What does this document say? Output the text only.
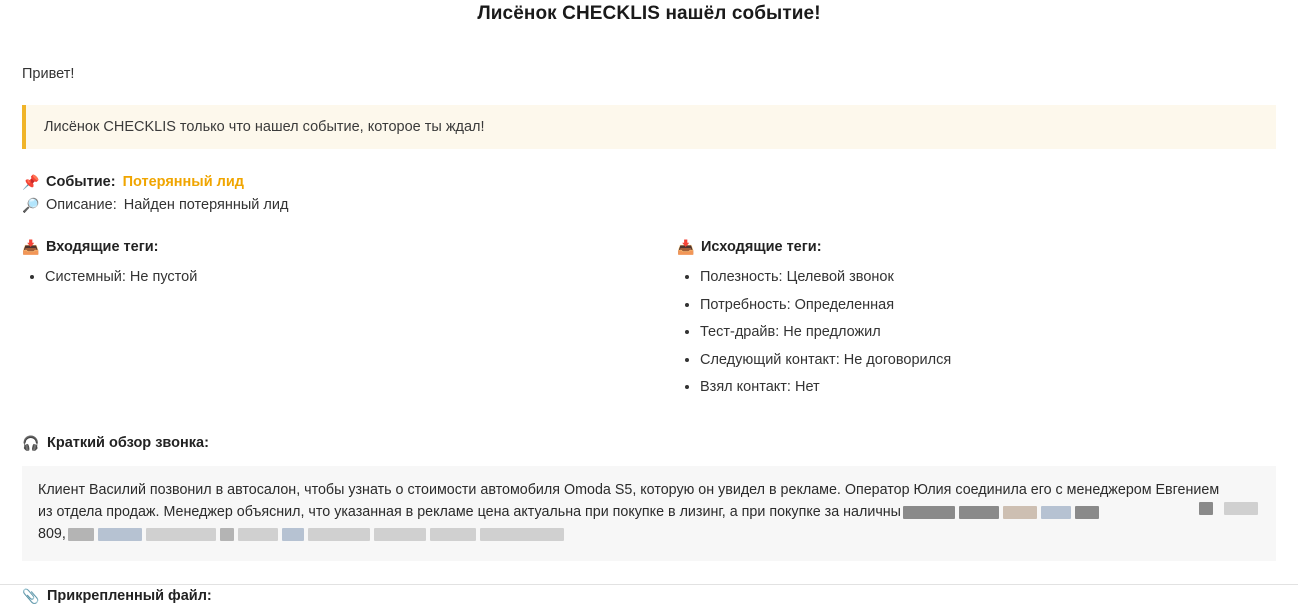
Лисёнок CHECKLIS нашёл событие!
Привет!
Лисёнок CHECKLIS только что нашел событие, которое ты ждал!
📌 Событие: Потерянный лид
🔎 Описание: Найден потерянный лид
📥 Входящие теги:
• Системный: Не пустой
📥 Исходящие теги:
• Полезность: Целевой звонок
• Потребность: Определенная
• Тест-драйв: Не предложил
• Следующий контакт: Не договорился
• Взял контакт: Нет
🎧 Краткий обзор звонка:
Клиент Василий позвонил в автосалон, чтобы узнать о стоимости автомобиля Omoda S5, которую он увидел в рекламе. Оператор Юлия соединила его с менеджером Евгением
из отдела продаж. Менеджер объяснил, что указанная в рекламе цена актуальна при покупке в лизинг, а при покупке за наличны
809,
📎 Прикрепленный файл:
